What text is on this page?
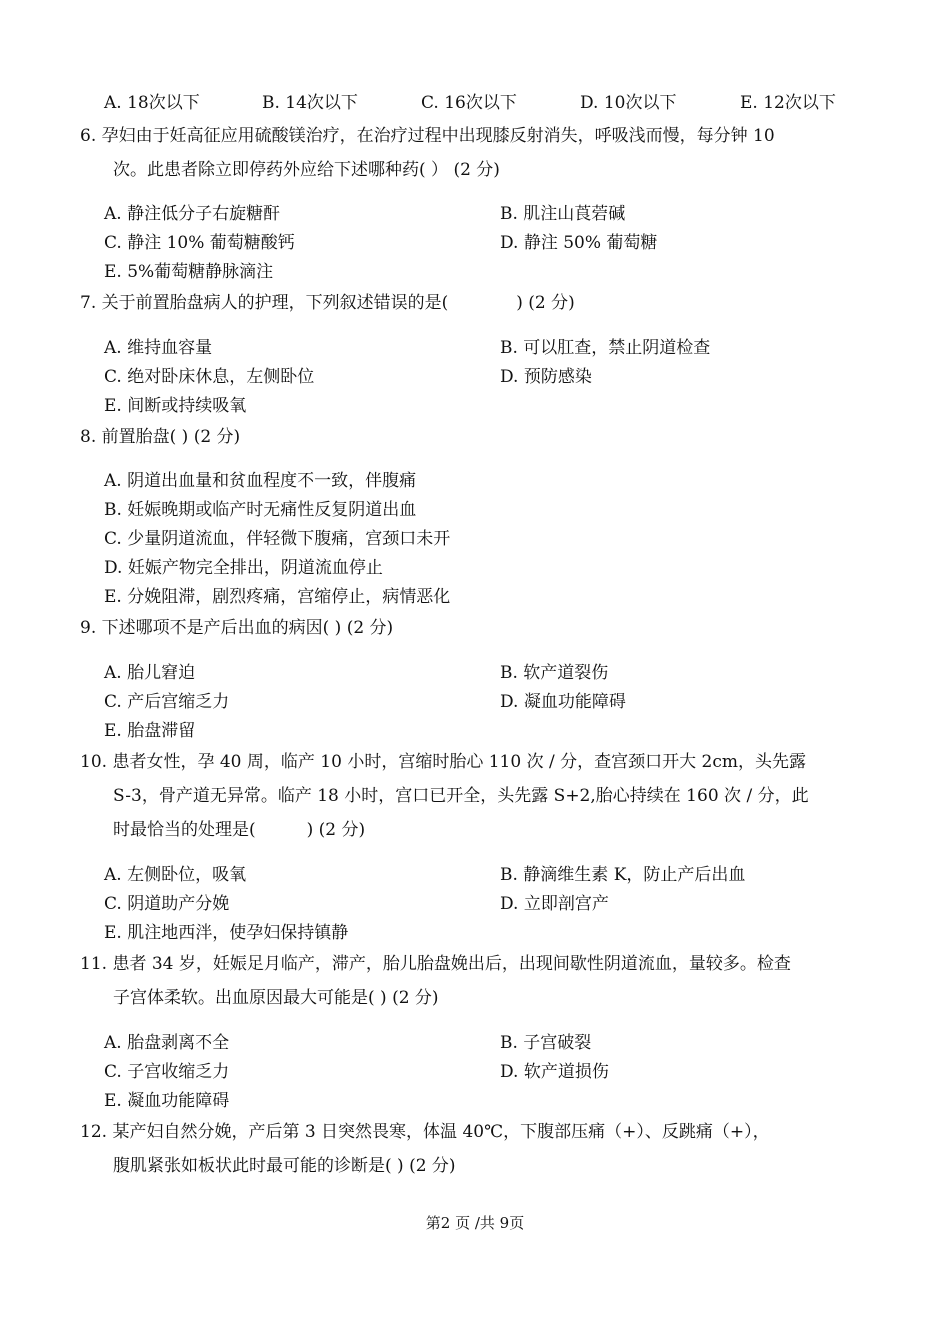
A. 18次以下	B. 14次以下	C. 16次以下	D. 10次以下	E. 12次以下
6. 孕妇由于妊高征应用硫酸镁治疗，在治疗过程中出现膝反射消失，呼吸浅而慢，每分钟 10
次。此患者除立即停药外应给下述哪种药( ） (2 分)
A. 静注低分子右旋糖酐	B. 肌注山莨菪碱
C. 静注 10% 葡萄糖酸钙	D. 静注 50% 葡萄糖
E. 5%葡萄糖静脉滴注
7. 关于前置胎盘病人的护理，下列叙述错误的是(　　　　) (2 分)
A. 维持血容量	B. 可以肛查，禁止阴道检查
C. 绝对卧床休息，左侧卧位	D. 预防感染
E. 间断或持续吸氧
8. 前置胎盘( ) (2 分)
A. 阴道出血量和贫血程度不一致，伴腹痛
B. 妊娠晚期或临产时无痛性反复阴道出血
C. 少量阴道流血，伴轻微下腹痛，宫颈口未开
D. 妊娠产物完全排出，阴道流血停止
E. 分娩阻滞，剧烈疼痛，宫缩停止，病情恶化
9. 下述哪项不是产后出血的病因( ) (2 分)
A. 胎儿窘迫	B. 软产道裂伤
C. 产后宫缩乏力	D. 凝血功能障碍
E. 胎盘滞留
10. 患者女性，孕 40 周，临产 10 小时，宫缩时胎心 110 次 / 分，查宫颈口开大 2cm，头先露
S-3，骨产道无异常。临产 18 小时，宫口已开全，头先露 S+2,胎心持续在 160 次 / 分，此
时最恰当的处理是(　　　) (2 分)
A. 左侧卧位，吸氧	B. 静滴维生素 K，防止产后出血
C. 阴道助产分娩	D. 立即剖宫产
E. 肌注地西泮，使孕妇保持镇静
11. 患者 34 岁，妊娠足月临产，滞产，胎儿胎盘娩出后，出现间歇性阴道流血，量较多。检查
子宫体柔软。出血原因最大可能是( ) (2 分)
A. 胎盘剥离不全	B. 子宫破裂
C. 子宫收缩乏力	D. 软产道损伤
E. 凝血功能障碍
12. 某产妇自然分娩，产后第 3 日突然畏寒，体温 40℃，下腹部压痛（+）、反跳痛（+），
腹肌紧张如板状此时最可能的诊断是( ) (2 分)
第2 页 /共 9页
